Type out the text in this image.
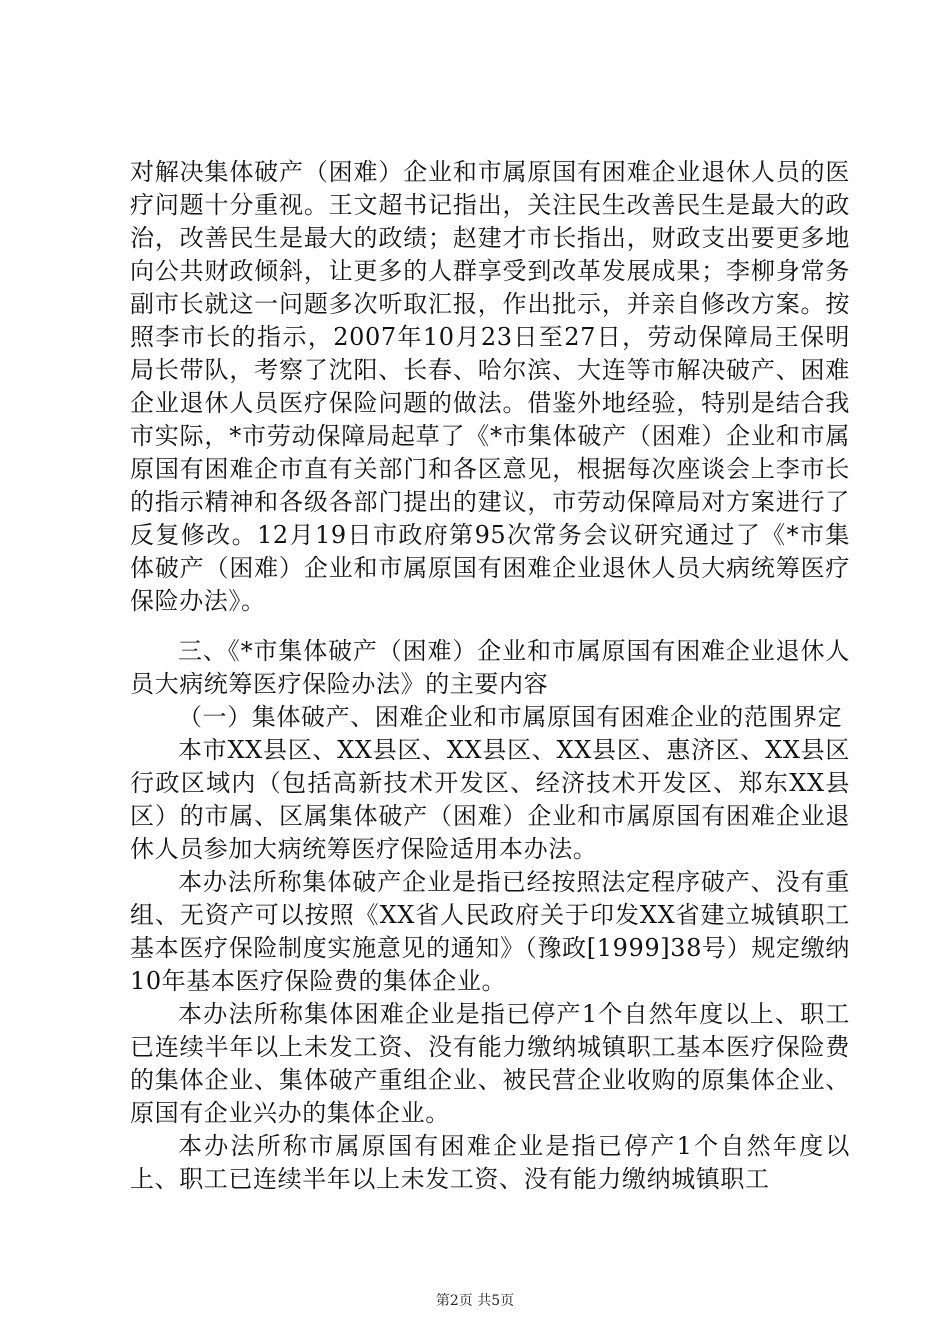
对解决集体破产（困难）企业和市属原国有困难企业退休人员的医疗问题十分重视。王文超书记指出，关注民生改善民生是最大的政治，改善民生是最大的政绩；赵建才市长指出，财政支出要更多地向公共财政倾斜，让更多的人群享受到改革发展成果；李柳身常务副市长就这一问题多次听取汇报，作出批示，并亲自修改方案。按照李市长的指示，2007年10月23日至27日，劳动保障局王保明局长带队，考察了沈阳、长春、哈尔滨、大连等市解决破产、困难企业退休人员医疗保险问题的做法。借鉴外地经验，特别是结合我市实际，*市劳动保障局起草了《*市集体破产（困难）企业和市属原国有困难企市直有关部门和各区意见，根据每次座谈会上李市长的指示精神和各级各部门提出的建议，市劳动保障局对方案进行了反复修改。12月19日市政府第95次常务会议研究通过了《*市集体破产（困难）企业和市属原国有困难企业退休人员大病统筹医疗保险办法》。

三、《*市集体破产（困难）企业和市属原国有困难企业退休人员大病统筹医疗保险办法》的主要内容

（一）集体破产、困难企业和市属原国有困难企业的范围界定

本市XX县区、XX县区、XX县区、XX县区、惠济区、XX县区行政区域内（包括高新技术开发区、经济技术开发区、郑东XX县区）的市属、区属集体破产（困难）企业和市属原国有困难企业退休人员参加大病统筹医疗保险适用本办法。

本办法所称集体破产企业是指已经按照法定程序破产、没有重组、无资产可以按照《XX省人民政府关于印发XX省建立城镇职工基本医疗保险制度实施意见的通知》（豫政[1999]38号）规定缴纳10年基本医疗保险费的集体企业。

本办法所称集体困难企业是指已停产1个自然年度以上、职工已连续半年以上未发工资、没有能力缴纳城镇职工基本医疗保险费的集体企业、集体破产重组企业、被民营企业收购的原集体企业、原国有企业兴办的集体企业。

本办法所称市属原国有困难企业是指已停产1个自然年度以上、职工已连续半年以上未发工资、没有能力缴纳城镇职工

第2页 共5页
